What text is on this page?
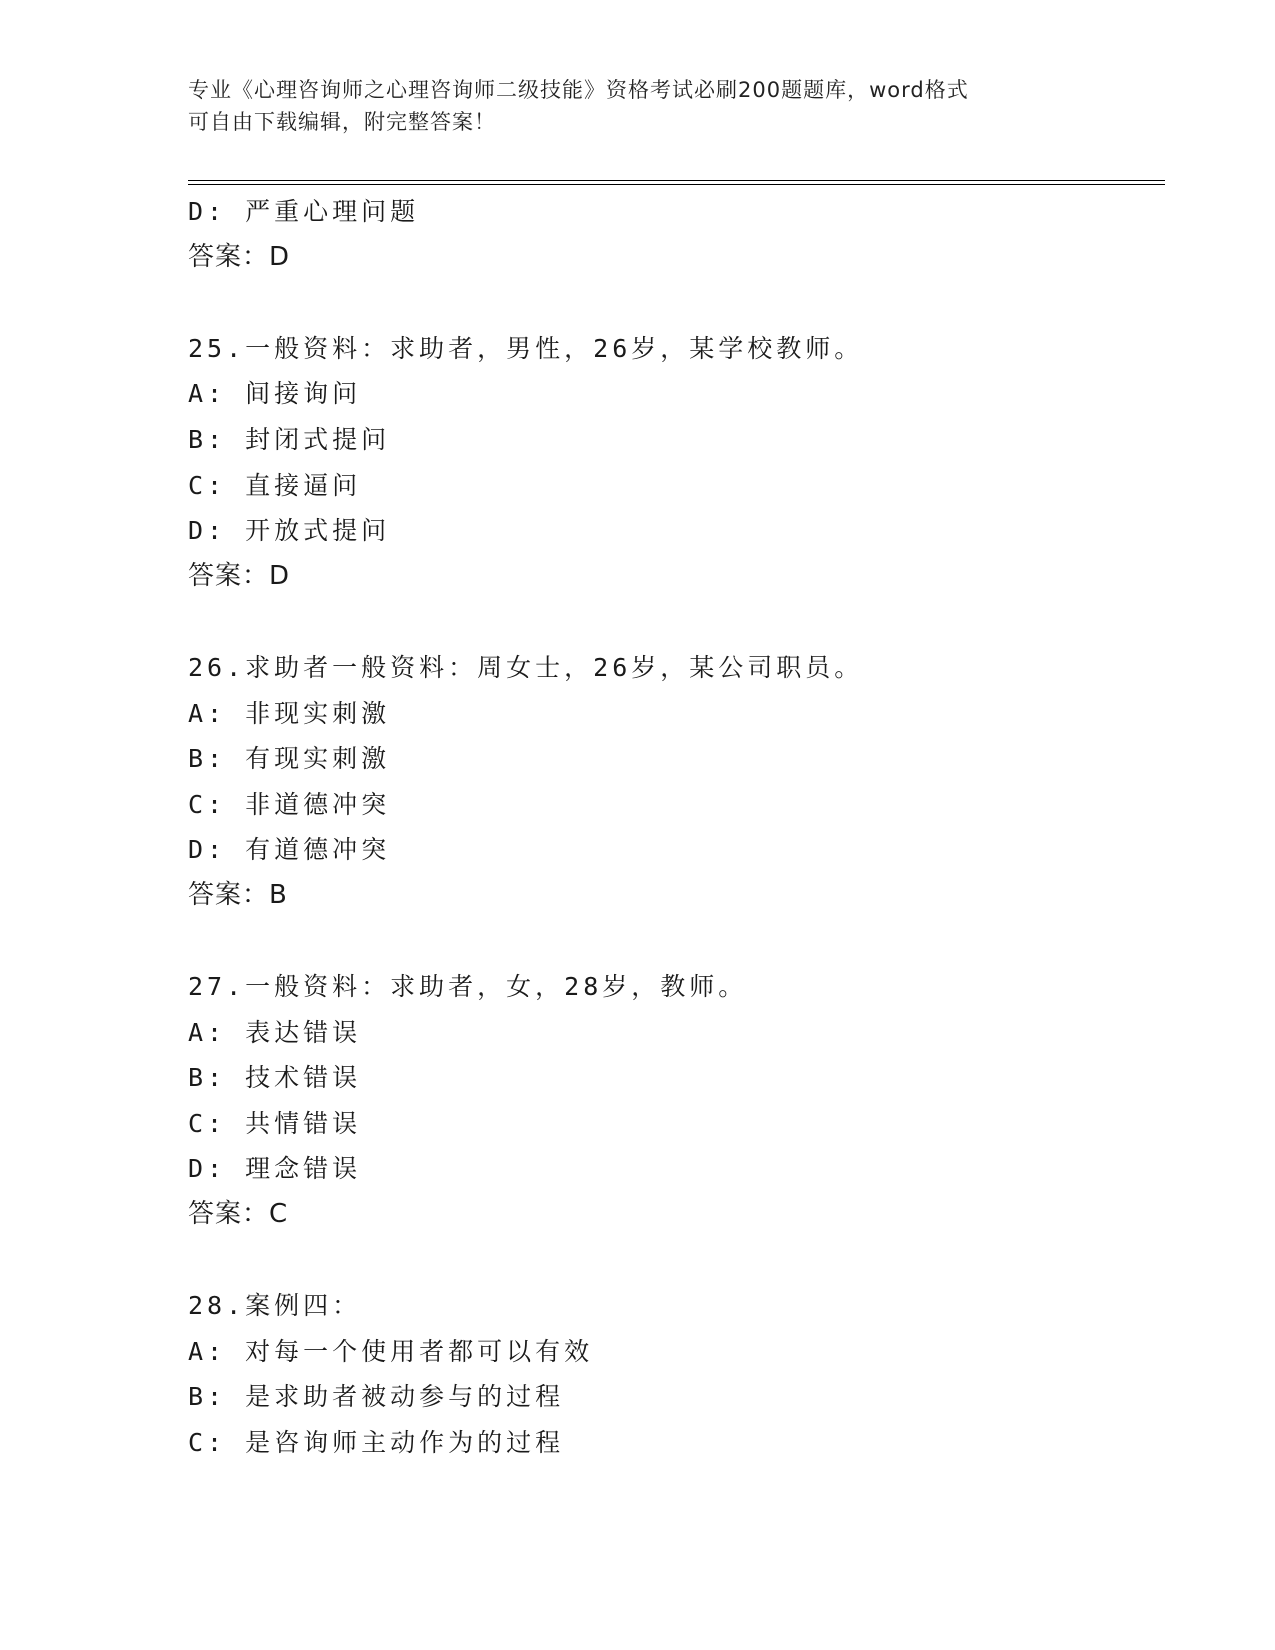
专业《心理咨询师之心理咨询师二级技能》资格考试必刷200题题库，word格式
可自由下载编辑，附完整答案！
D: 严重心理问题
答案：D
25.一般资料：求助者，男性，26岁，某学校教师。
A: 间接询问
B: 封闭式提问
C: 直接逼问
D: 开放式提问
答案：D
26.求助者一般资料：周女士，26岁，某公司职员。
A: 非现实刺激
B: 有现实刺激
C: 非道德冲突
D: 有道德冲突
答案：B
27.一般资料：求助者，女，28岁，教师。
A: 表达错误
B: 技术错误
C: 共情错误
D: 理念错误
答案：C
28.案例四：
A: 对每一个使用者都可以有效
B: 是求助者被动参与的过程
C: 是咨询师主动作为的过程
